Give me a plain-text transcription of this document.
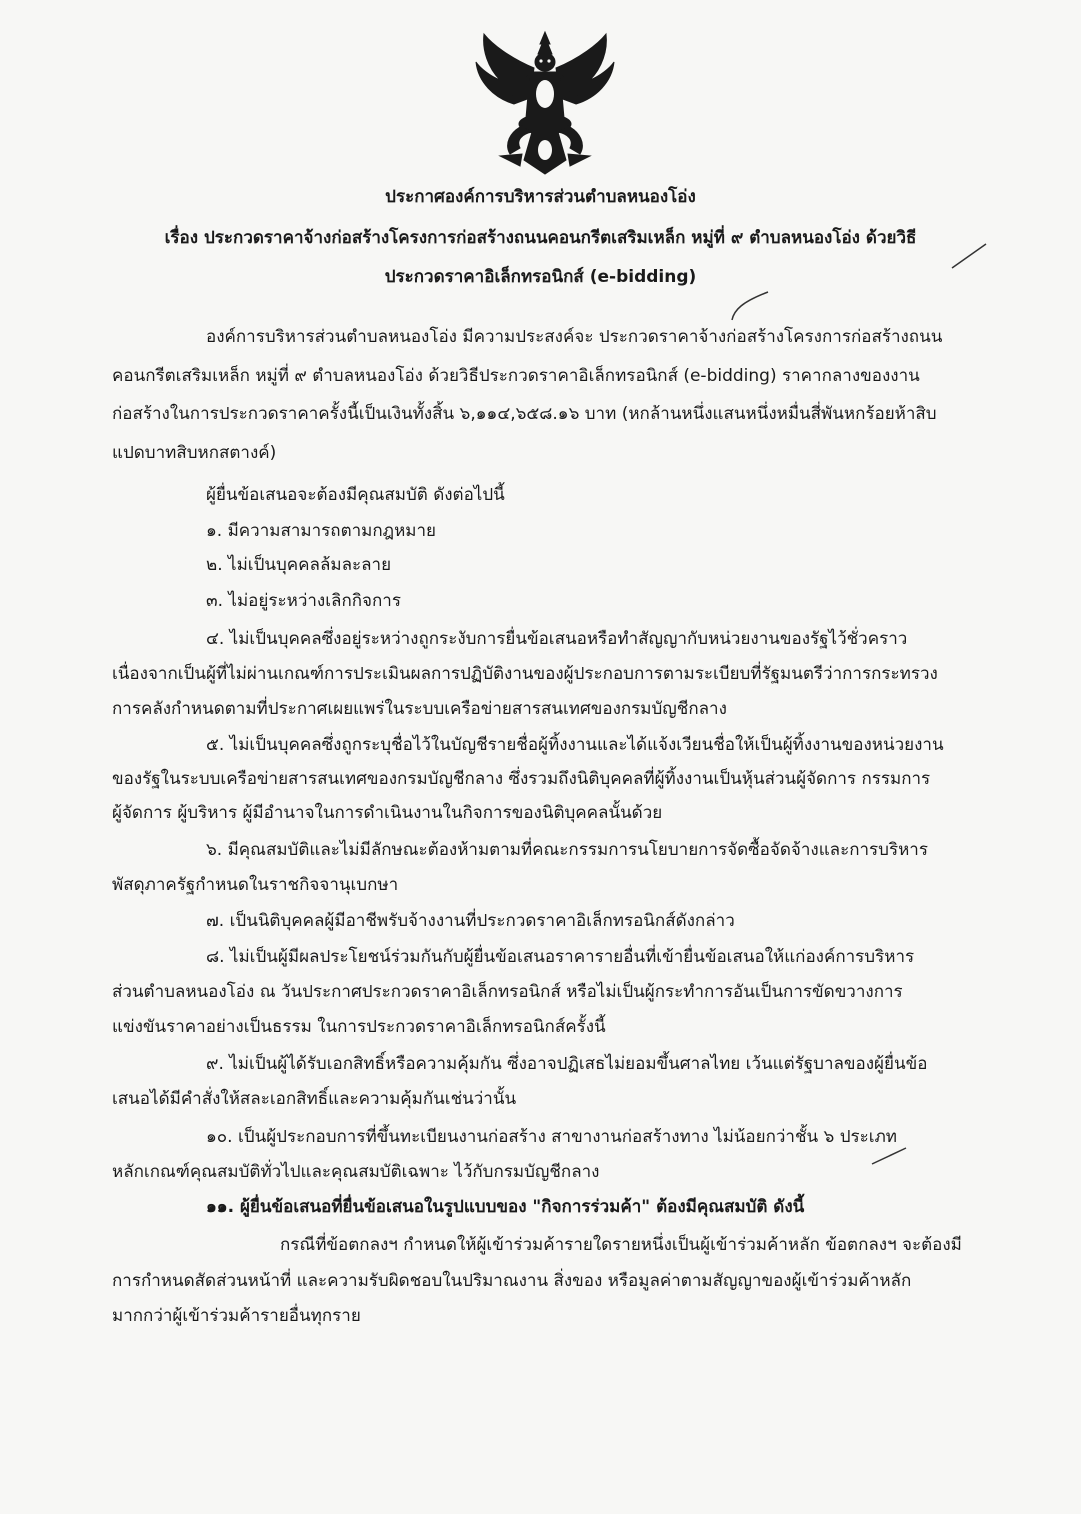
ประกาศองค์การบริหารส่วนตำบลหนองโอ่ง
เรื่อง ประกวดราคาจ้างก่อสร้างโครงการก่อสร้างถนนคอนกรีตเสริมเหล็ก หมู่ที่ ๙ ตำบลหนองโอ่ง ด้วยวิธี
ประกวดราคาอิเล็กทรอนิกส์ (e-bidding)
องค์การบริหารส่วนตำบลหนองโอ่ง มีความประสงค์จะ ประกวดราคาจ้างก่อสร้างโครงการก่อสร้างถนน
คอนกรีตเสริมเหล็ก หมู่ที่ ๙ ตำบลหนองโอ่ง ด้วยวิธีประกวดราคาอิเล็กทรอนิกส์ (e-bidding) ราคากลางของงาน
ก่อสร้างในการประกวดราคาครั้งนี้เป็นเงินทั้งสิ้น ๖,๑๑๔,๖๕๘.๑๖ บาท (หกล้านหนึ่งแสนหนึ่งหมื่นสี่พันหกร้อยห้าสิบ
แปดบาทสิบหกสตางค์)
ผู้ยื่นข้อเสนอจะต้องมีคุณสมบัติ ดังต่อไปนี้
๑. มีความสามารถตามกฎหมาย
๒. ไม่เป็นบุคคลล้มละลาย
๓. ไม่อยู่ระหว่างเลิกกิจการ
๔. ไม่เป็นบุคคลซึ่งอยู่ระหว่างถูกระงับการยื่นข้อเสนอหรือทำสัญญากับหน่วยงานของรัฐไว้ชั่วคราว
เนื่องจากเป็นผู้ที่ไม่ผ่านเกณฑ์การประเมินผลการปฏิบัติงานของผู้ประกอบการตามระเบียบที่รัฐมนตรีว่าการกระทรวง
การคลังกำหนดตามที่ประกาศเผยแพร่ในระบบเครือข่ายสารสนเทศของกรมบัญชีกลาง
๕. ไม่เป็นบุคคลซึ่งถูกระบุชื่อไว้ในบัญชีรายชื่อผู้ทิ้งงานและได้แจ้งเวียนชื่อให้เป็นผู้ทิ้งงานของหน่วยงาน
ของรัฐในระบบเครือข่ายสารสนเทศของกรมบัญชีกลาง ซึ่งรวมถึงนิติบุคคลที่ผู้ทิ้งงานเป็นหุ้นส่วนผู้จัดการ กรรมการ
ผู้จัดการ ผู้บริหาร ผู้มีอำนาจในการดำเนินงานในกิจการของนิติบุคคลนั้นด้วย
๖. มีคุณสมบัติและไม่มีลักษณะต้องห้ามตามที่คณะกรรมการนโยบายการจัดซื้อจัดจ้างและการบริหาร
พัสดุภาครัฐกำหนดในราชกิจจานุเบกษา
๗. เป็นนิติบุคคลผู้มีอาชีพรับจ้างงานที่ประกวดราคาอิเล็กทรอนิกส์ดังกล่าว
๘. ไม่เป็นผู้มีผลประโยชน์ร่วมกันกับผู้ยื่นข้อเสนอราคารายอื่นที่เข้ายื่นข้อเสนอให้แก่องค์การบริหาร
ส่วนตำบลหนองโอ่ง ณ วันประกาศประกวดราคาอิเล็กทรอนิกส์ หรือไม่เป็นผู้กระทำการอันเป็นการขัดขวางการ
แข่งขันราคาอย่างเป็นธรรม ในการประกวดราคาอิเล็กทรอนิกส์ครั้งนี้
๙. ไม่เป็นผู้ได้รับเอกสิทธิ์หรือความคุ้มกัน ซึ่งอาจปฏิเสธไม่ยอมขึ้นศาลไทย เว้นแต่รัฐบาลของผู้ยื่นข้อ
เสนอได้มีคำสั่งให้สละเอกสิทธิ์และความคุ้มกันเช่นว่านั้น
๑๐. เป็นผู้ประกอบการที่ขึ้นทะเบียนงานก่อสร้าง สาขางานก่อสร้างทาง ไม่น้อยกว่าชั้น ๖ ประเภท
หลักเกณฑ์คุณสมบัติทั่วไปและคุณสมบัติเฉพาะ ไว้กับกรมบัญชีกลาง
๑๑. ผู้ยื่นข้อเสนอที่ยื่นข้อเสนอในรูปแบบของ "กิจการร่วมค้า" ต้องมีคุณสมบัติ ดังนี้
กรณีที่ข้อตกลงฯ กำหนดให้ผู้เข้าร่วมค้ารายใดรายหนึ่งเป็นผู้เข้าร่วมค้าหลัก ข้อตกลงฯ จะต้องมี
การกำหนดสัดส่วนหน้าที่ และความรับผิดชอบในปริมาณงาน สิ่งของ หรือมูลค่าตามสัญญาของผู้เข้าร่วมค้าหลัก
มากกว่าผู้เข้าร่วมค้ารายอื่นทุกราย
